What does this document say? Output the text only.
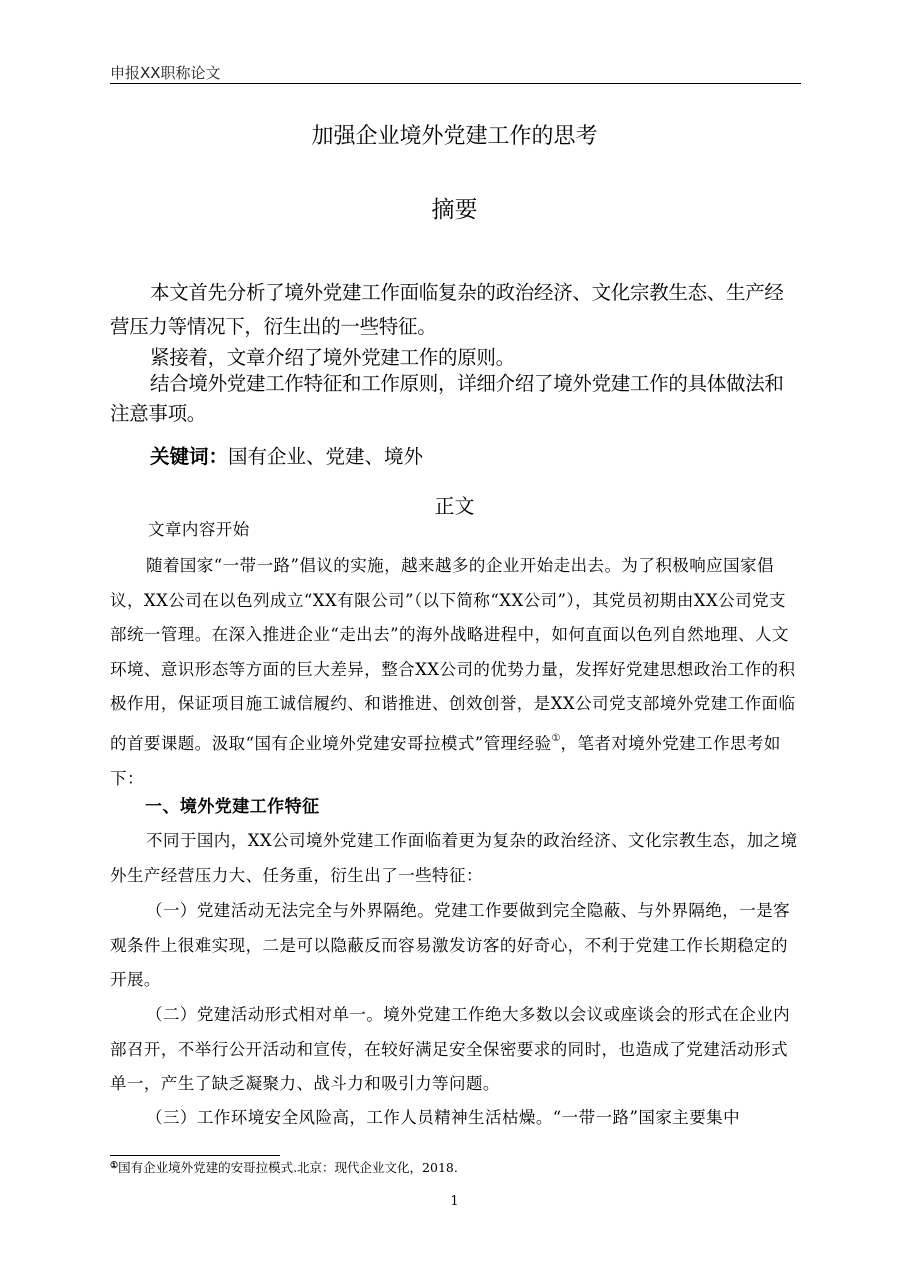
申报XX职称论文
加强企业境外党建工作的思考
摘要
本文首先分析了境外党建工作面临复杂的政治经济、文化宗教生态、生产经营压力等情况下，衍生出的一些特征。
紧接着，文章介绍了境外党建工作的原则。
结合境外党建工作特征和工作原则，详细介绍了境外党建工作的具体做法和注意事项。
关键词：国有企业、党建、境外
正文
文章内容开始
随着国家“一带一路”倡议的实施，越来越多的企业开始走出去。为了积极响应国家倡议，XX公司在以色列成立“XX有限公司”（以下简称“XX公司”），其党员初期由XX公司党支部统一管理。在深入推进企业“走出去”的海外战略进程中，如何直面以色列自然地理、人文环境、意识形态等方面的巨大差异，整合XX公司的优势力量，发挥好党建思想政治工作的积极作用，保证项目施工诚信履约、和谐推进、创效创誉，是XX公司党支部境外党建工作面临的首要课题。汲取“国有企业境外党建安哥拉模式”管理经验①，笔者对境外党建工作思考如下：
一、境外党建工作特征
不同于国内，XX公司境外党建工作面临着更为复杂的政治经济、文化宗教生态，加之境外生产经营压力大、任务重，衍生出了一些特征：
（一）党建活动无法完全与外界隔绝。党建工作要做到完全隐蔽、与外界隔绝，一是客观条件上很难实现，二是可以隐蔽反而容易激发访客的好奇心，不利于党建工作长期稳定的开展。
（二）党建活动形式相对单一。境外党建工作绝大多数以会议或座谈会的形式在企业内部召开，不举行公开活动和宣传，在较好满足安全保密要求的同时，也造成了党建活动形式单一，产生了缺乏凝聚力、战斗力和吸引力等问题。
（三）工作环境安全风险高，工作人员精神生活枯燥。“一带一路”国家主要集中
①国有企业境外党建的安哥拉模式.北京：现代企业文化，2018.
1
